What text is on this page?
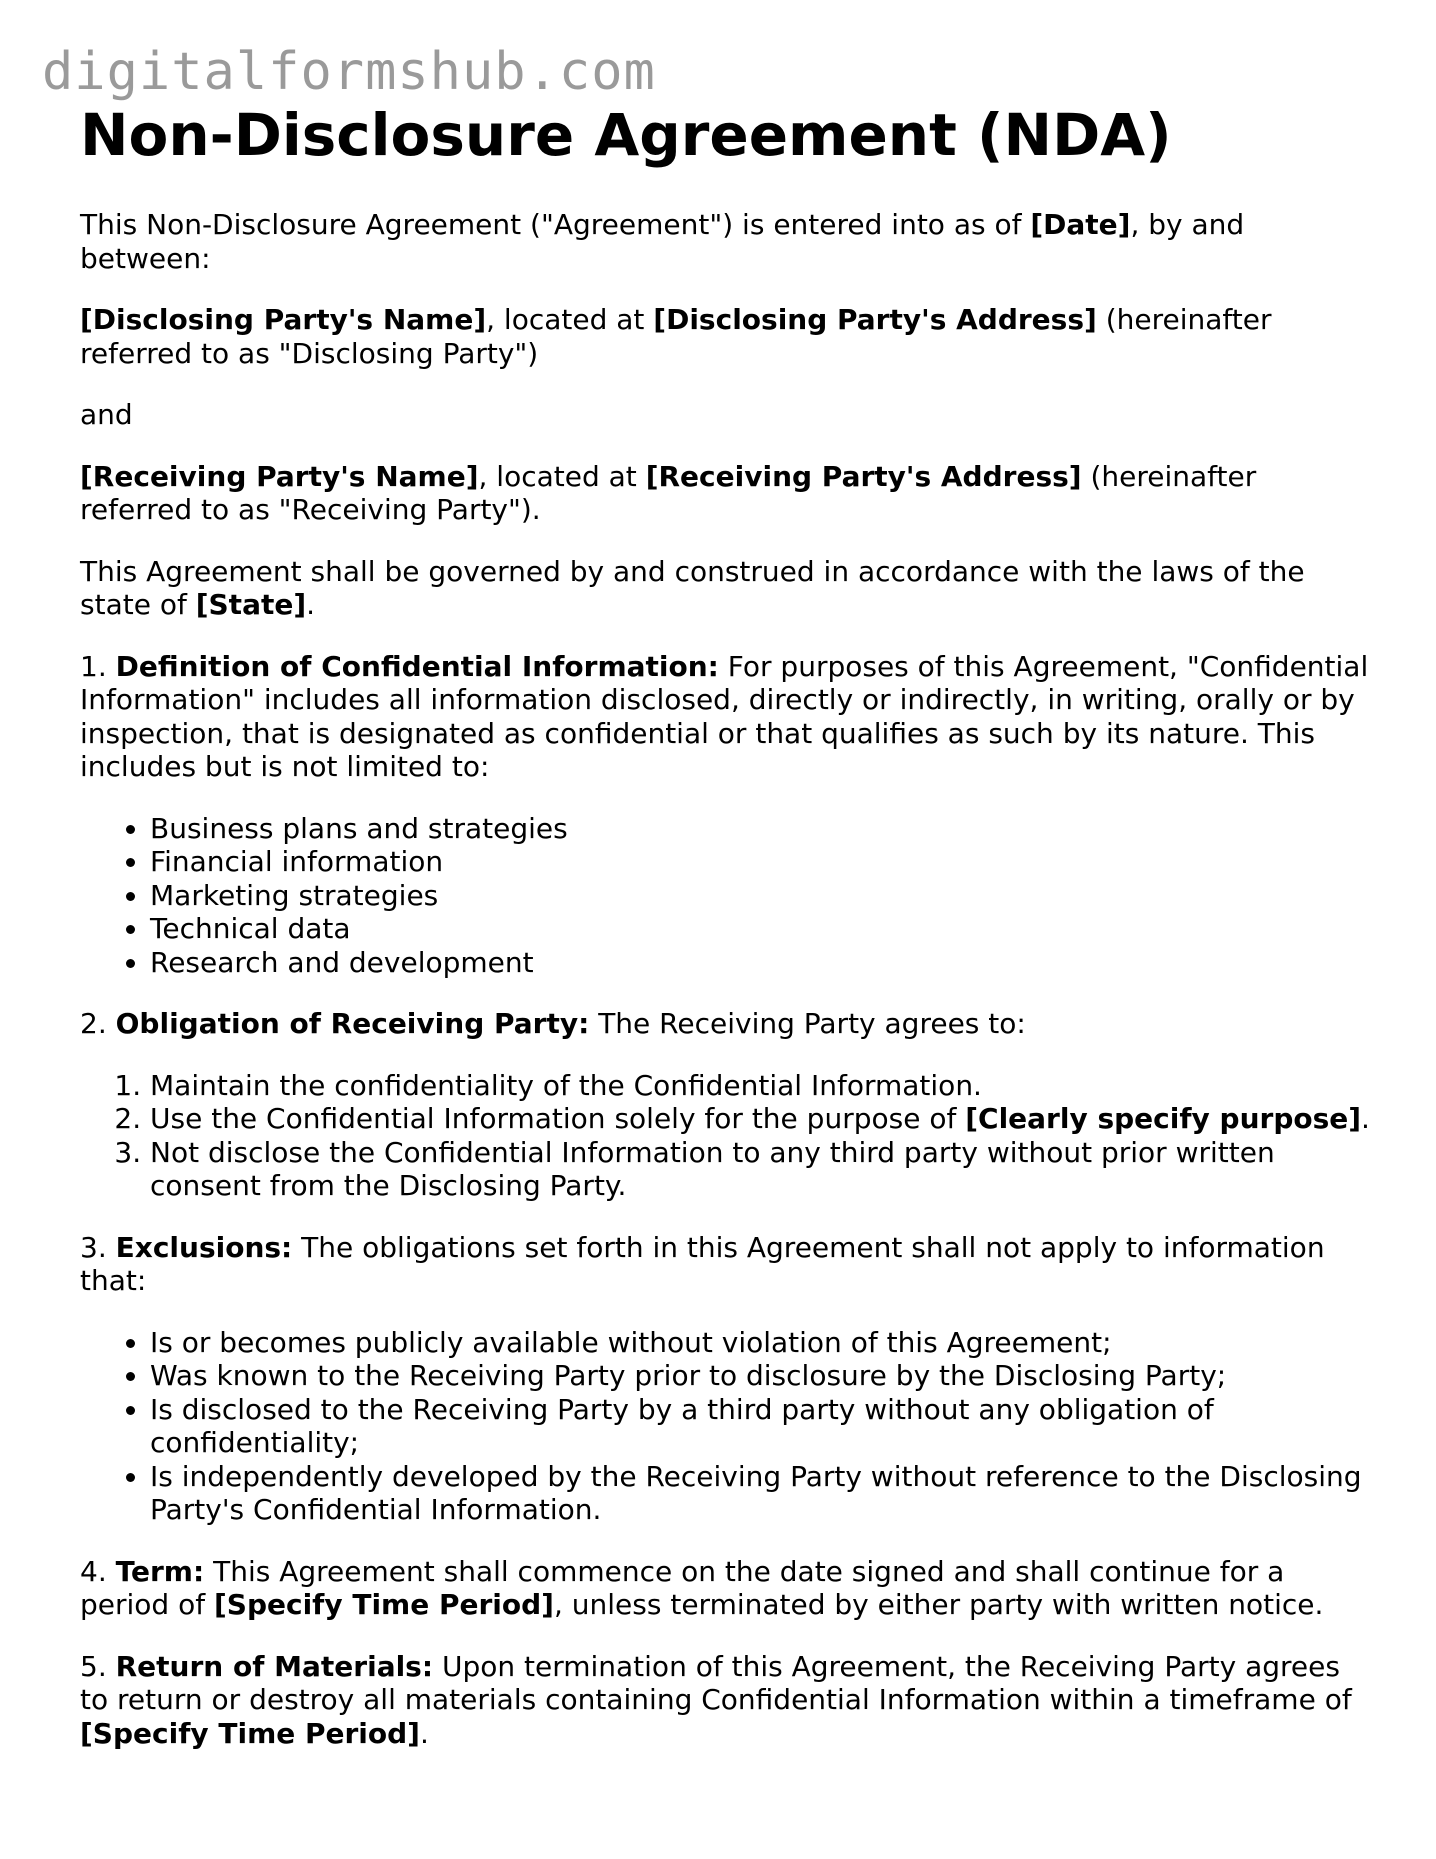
digitalformshub.com
Non-Disclosure Agreement (NDA)

This Non-Disclosure Agreement ("Agreement") is entered into as of [Date], by and between:

[Disclosing Party's Name], located at [Disclosing Party's Address] (hereinafter referred to as "Disclosing Party")

and

[Receiving Party's Name], located at [Receiving Party's Address] (hereinafter referred to as "Receiving Party").

This Agreement shall be governed by and construed in accordance with the laws of the state of [State].

1. Definition of Confidential Information: For purposes of this Agreement, "Confidential Information" includes all information disclosed, directly or indirectly, in writing, orally or by inspection, that is designated as confidential or that qualifies as such by its nature. This includes but is not limited to:

• Business plans and strategies
• Financial information
• Marketing strategies
• Technical data
• Research and development

2. Obligation of Receiving Party: The Receiving Party agrees to:

1. Maintain the confidentiality of the Confidential Information.
2. Use the Confidential Information solely for the purpose of [Clearly specify purpose].
3. Not disclose the Confidential Information to any third party without prior written consent from the Disclosing Party.

3. Exclusions: The obligations set forth in this Agreement shall not apply to information that:

• Is or becomes publicly available without violation of this Agreement;
• Was known to the Receiving Party prior to disclosure by the Disclosing Party;
• Is disclosed to the Receiving Party by a third party without any obligation of confidentiality;
• Is independently developed by the Receiving Party without reference to the Disclosing Party's Confidential Information.

4. Term: This Agreement shall commence on the date signed and shall continue for a period of [Specify Time Period], unless terminated by either party with written notice.

5. Return of Materials: Upon termination of this Agreement, the Receiving Party agrees to return or destroy all materials containing Confidential Information within a timeframe of [Specify Time Period].
